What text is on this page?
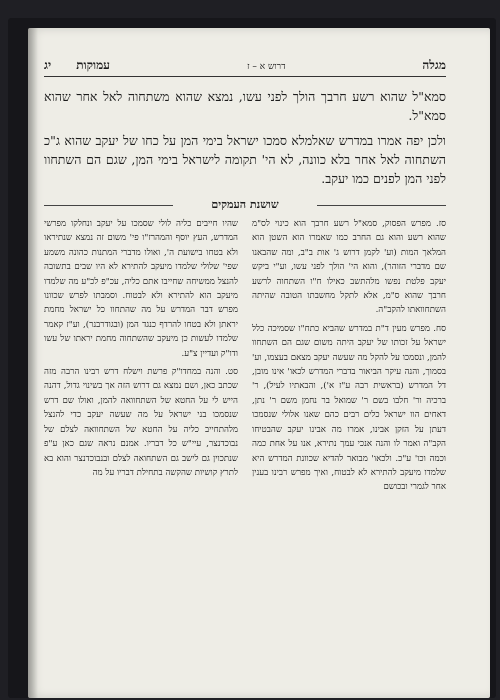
מגלה
דרוש א – ז
עמוקות      יג

סמא"ל שהוא רשע חרבך הולך לפני עשו, נמצא שהוא משתחוה לאל אחר שהוא סמא"ל.

ולכן יפה אמרו במדרש שאלמלא סמכו ישראל בימי המן על כחו של יעקב שהוא ג"כ השתחוה לאל אחר בלא כוונה, לא הי' תקומה לישראל בימי המן, שגם הם השתחוו לפני המן לפנים כמו יעקב.

שושנת העמקים

סז. מפרש הפסוק, סמא"ל רשע חרבך הוא כינוי לס"מ שהוא רשע והוא גם החרב כמו שאמרו הוא השטן הוא המלאך המות (וע' לקמן דרוש ג' אות ב"ב, ומה שהבאנו שם מדברי הזוהר), והוא הי' הולך לפני עשו, וע"י ביקש יעקב פלטת נפשו מלהתשב כאילו ח"ו השתחוה לרשע חרבך שהוא ס"מ, אלא לתקל מחשבתו הטובה שהיתה השתחוואתו להקב"ה.

סח. מפרש מעין ד"ת במדרש שהביא כתח"ו שסמיכה כלל ישראל על זכותו של יעקב היתה משום שגם הם השתחוו להמן, ונסמכו על להקל מה שעשה יעקב מצאם בעצמו, וע' בסמוך, והנה עיקר הביאור בדברי המדרש לכאו' אינו מובן, דל המדרש (בראשית רבה ע"ז א'), והבאתיו לעיל), ר' ברכיה ור' חלבו בשם ר' שמואל בר נחמן משם ר' נתן, דאחים הוו ישראל כלים רבים כהם שאנו אלולי שנסמכו דעתן על הזקן אבינו, אמרו מה אבינו יעקב שהבטיחו הקב"ה ואמר לו והנה אנכי עמך נתירא, אנו על אחת כמה וכמה וכו' ע"כ. ולכאו' מבואר להדיא שכוונת המדרש היא שלמדו מיעקב להתירא לא לבטוח, ואיך מפרש רבינו בענין אחר לגמרי ובכושם

שהיו חייבים כליה לולי שסמכו על יעקב ונחלקו מפרשי המדרש, העץ יוסף והמהרז"ו פי' משום זה נמצא שנתיראו ולא בטחו בישועת ה', ואולו מדברי המתנות כהונה משמע שפי' שלולי שלמדו מיעקב להתירא לא היו שבים בתשובה להנצל ממשיחה שחייבו אתם כליה, עכ"פ לכ"ע מה שלמדו מיעקב הוא להתירא ולא לבטוח. וסמבתו לפרש שכוונו מפרש דבר המדרש על מה שהתחוו כל ישראל מחמת יראתן ולא בטחו להרדף כנגד המן (ובגודרבנר), וע"ז קאמר שלמדו לעשות כן מיעקב שהשתחוה מחמת יראתו של עשו ודו"ק ועדיין צ"ע.

סט. והנה במחדו"ק פרשת וישלח דרש רבינו הרבה מזה שכתב כאן, ושם נמצא גם דרוש הזה אך בשינוי גדול, דהנה הייש לי על החטא של השתחוואה להמן, ואולו שם דרש שנסמכו בני ישראל על מה שעשה יעקב כדי להנצל מלהתחייב כליה על החטא של השתחוואה לצלם של נבוכדנצר, עיי"ש כל דבריו. אמנם נראה שגם כאן ע"פ שנתכוין גם לישב גם השתחואה לצלם ובנבוכדנצר והוא בא לתרץ קושיות שהקשה בתחילת דבריו על מה
